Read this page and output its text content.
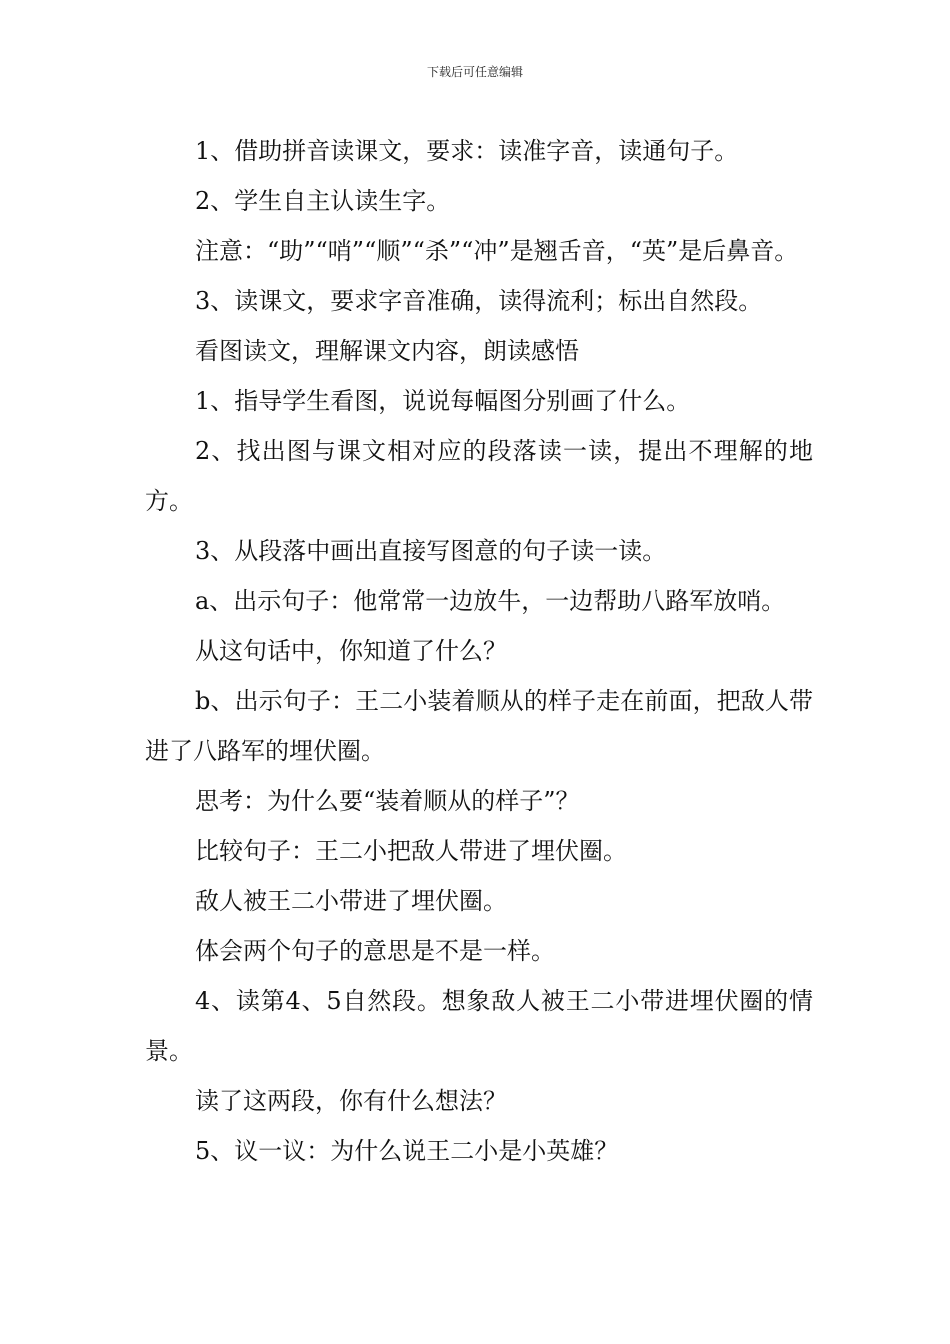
下载后可任意编辑

1、借助拼音读课文，要求：读准字音，读通句子。

2、学生自主认读生字。

注意：“助”“哨”“顺”“杀”“冲”是翘舌音，“英”是后鼻音。

3、读课文，要求字音准确，读得流利；标出自然段。

看图读文，理解课文内容，朗读感悟

1、指导学生看图，说说每幅图分别画了什么。

2、找出图与课文相对应的段落读一读，提出不理解的地方。

3、从段落中画出直接写图意的句子读一读。

a、出示句子：他常常一边放牛，一边帮助八路军放哨。

从这句话中，你知道了什么？

b、出示句子：王二小装着顺从的样子走在前面，把敌人带进了八路军的埋伏圈。

思考：为什么要“装着顺从的样子”？

比较句子：王二小把敌人带进了埋伏圈。

敌人被王二小带进了埋伏圈。

体会两个句子的意思是不是一样。

4、读第4、5自然段。想象敌人被王二小带进埋伏圈的情景。

读了这两段，你有什么想法？

5、议一议：为什么说王二小是小英雄？
